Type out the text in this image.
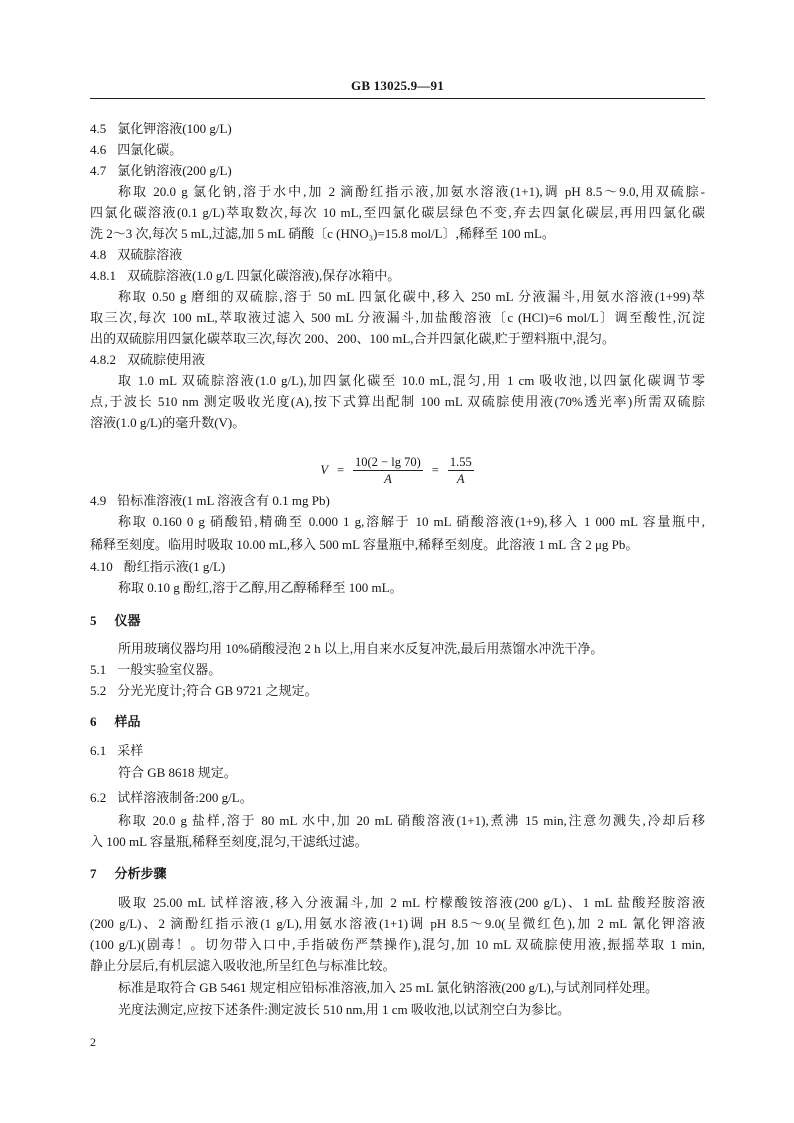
GB 13025.9—91
4.5 氯化钾溶液(100 g/L)
4.6 四氯化碳。
4.7 氯化钠溶液(200 g/L)
称取 20.0 g 氯化钠,溶于水中,加 2 滴酚红指示液,加氨水溶液(1+1),调 pH 8.5～9.0,用双硫腙-
四氯化碳溶液(0.1 g/L)萃取数次,每次 10 mL,至四氯化碳层绿色不变,弃去四氯化碳层,再用四氯化碳
洗 2～3 次,每次 5 mL,过滤,加 5 mL 硝酸〔c (HNO₃)=15.8 mol/L〕,稀释至 100 mL。
4.8 双硫腙溶液
4.8.1 双硫腙溶液(1.0 g/L 四氯化碳溶液),保存冰箱中。
称取 0.50 g 磨细的双硫腙,溶于 50 mL 四氯化碳中,移入 250 mL 分液漏斗,用氨水溶液(1+99)萃
取三次,每次 100 mL,萃取液过滤入 500 mL 分液漏斗,加盐酸溶液〔c (HCl)=6 mol/L〕调至酸性,沉淀
出的双硫腙用四氯化碳萃取三次,每次 200、200、100 mL,合并四氯化碳,贮于塑料瓶中,混匀。
4.8.2 双硫腙使用液
取 1.0 mL 双硫腙溶液(1.0 g/L),加四氯化碳至 10.0 mL,混匀,用 1 cm 吸收池,以四氯化碳调节零
点,于波长 510 nm 测定吸收光度(A),按下式算出配制 100 mL 双硫腙使用液(70%透光率)所需双硫腙
溶液(1.0 g/L)的毫升数(V)。
$V = \frac{10(2 - \lg 70)}{A} = \frac{1.55}{A}$
4.9 铅标准溶液(1 mL 溶液含有 0.1 mg Pb)
称取 0.160 0 g 硝酸铅,精确至 0.000 1 g,溶解于 10 mL 硝酸溶液(1+9),移入 1 000 mL 容量瓶中,
稀释至刻度。临用时吸取 10.00 mL,移入 500 mL 容量瓶中,稀释至刻度。此溶液 1 mL 含 2 μg Pb。
4.10 酚红指示液(1 g/L)
称取 0.10 g 酚红,溶于乙醇,用乙醇稀释至 100 mL。
5 仪器
所用玻璃仪器均用 10%硝酸浸泡 2 h 以上,用自来水反复冲洗,最后用蒸馏水冲洗干净。
5.1 一般实验室仪器。
5.2 分光光度计;符合 GB 9721 之规定。
6 样品
6.1 采样
符合 GB 8618 规定。
6.2 试样溶液制备:200 g/L。
称取 20.0 g 盐样,溶于 80 mL 水中,加 20 mL 硝酸溶液(1+1),煮沸 15 min,注意勿溅失,冷却后移
入 100 mL 容量瓶,稀释至刻度,混匀,干滤纸过滤。
7 分析步骤
吸取 25.00 mL 试样溶液,移入分液漏斗,加 2 mL 柠檬酸铵溶液(200 g/L)、1 mL 盐酸羟胺溶液
(200 g/L)、2 滴酚红指示液(1 g/L),用氨水溶液(1+1)调 pH 8.5～9.0(呈微红色),加 2 mL 氰化钾溶液
(100 g/L)(剧毒！。切勿带入口中,手指破伤严禁操作),混匀,加 10 mL 双硫腙使用液,振摇萃取 1 min,
静止分层后,有机层滤入吸收池,所呈红色与标准比较。
标准是取符合 GB 5461 规定相应铅标准溶液,加入 25 mL 氯化钠溶液(200 g/L),与试剂同样处理。
光度法测定,应按下述条件:测定波长 510 nm,用 1 cm 吸收池,以试剂空白为参比。
2
